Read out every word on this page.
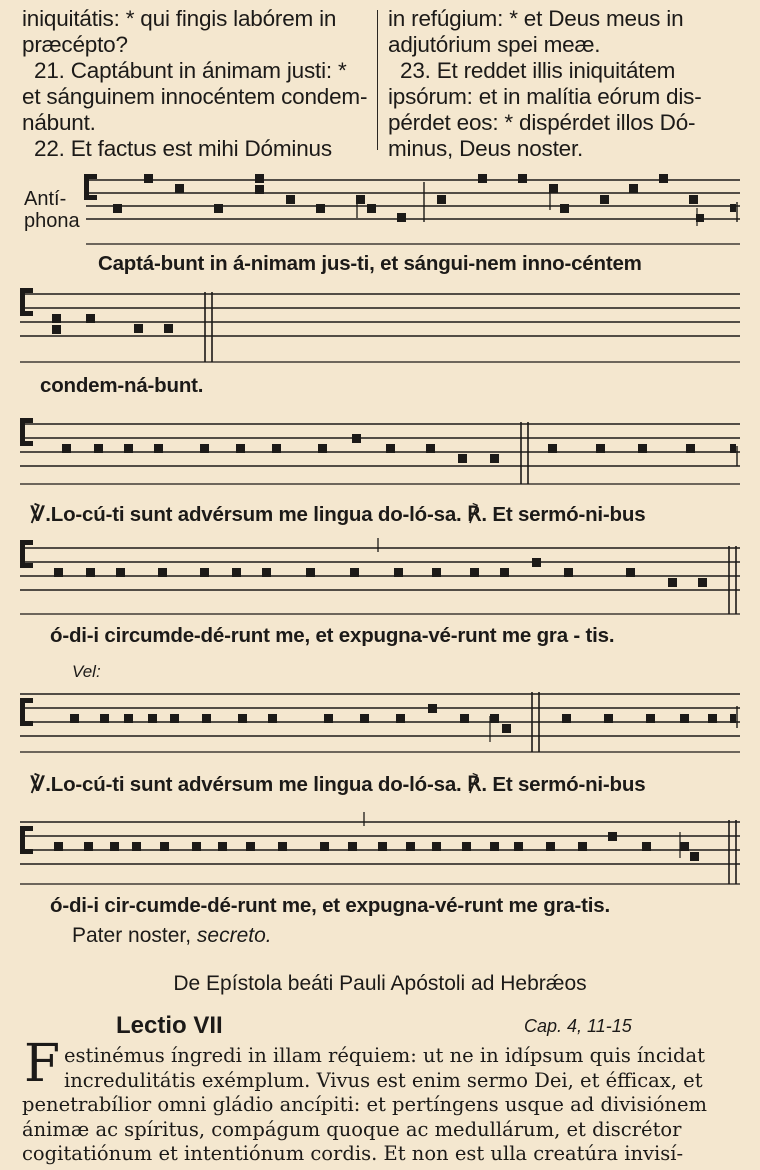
iniquitátis: * qui fingis labórem in
præcépto?
21. Captábunt in ánimam justi: *
et sánguinem innocéntem condem-
nábunt.
22. Et factus est mihi Dóminus
in refúgium: * et Deus meus in
adjutórium spei meæ.
23. Et reddet illis iniquitátem
ipsórum: et in malítia eórum dis-
pérdet eos: * dispérdet illos Dó-
minus, Deus noster.
Antí-
phona
Captá-bunt in á-nimam jus-ti, et sángui-nem inno-céntem
condem-ná-bunt.
℣.Lo-cú-ti sunt advérsum me lingua do-ló-sa. ℟. Et sermó-ni-bus
ó-di-i circumde-dé-runt me, et expugna-vé-runt me gra - tis.
Vel:
℣.Lo-cú-ti sunt advérsum me lingua do-ló-sa. ℟. Et sermó-ni-bus
ó-di-i cir-cumde-dé-runt me, et expugna-vé-runt me gra-tis.
Pater noster, secreto.
De Epístola beáti Pauli Apóstoli ad Hebrǽos
Lectio VII	Cap. 4, 11-15
F estinémus íngredi in illam réquiem: ut ne in idípsum quis íncidat
incredulitátis exémplum. Vivus est enim sermo Dei, et éfficax, et
penetrabílior omni gládio ancípiti: et pertíngens usque ad divisiónem
ánimæ ac spíritus, compágum quoque ac medullárum, et discrétor
cogitatiónum et intentiónum cordis. Et non est ulla creatúra invisí-
